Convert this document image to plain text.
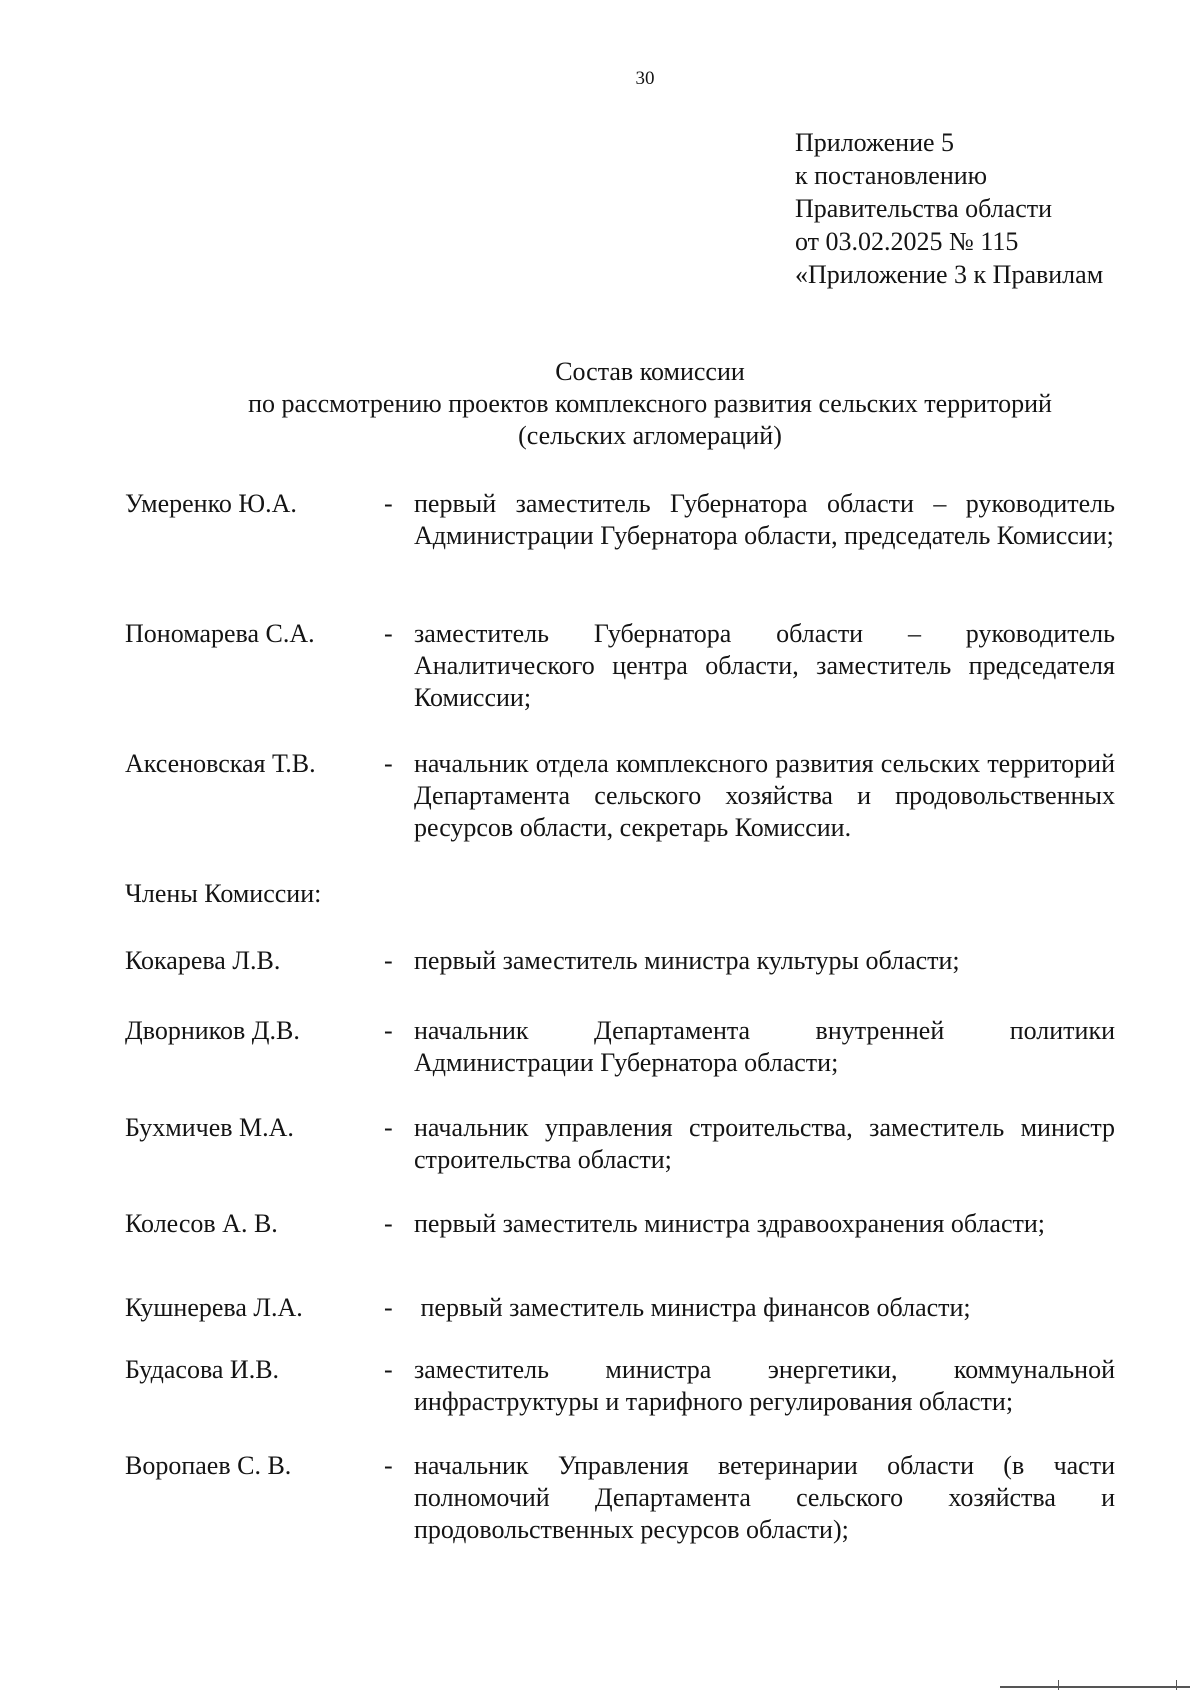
30
Приложение 5
к постановлению
Правительства области
от 03.02.2025 № 115
«Приложение 3 к Правилам
Состав комиссии
по рассмотрению проектов комплексного развития сельских территорий
(сельских агломераций)
Умеренко Ю.А.	- первый заместитель Губернатора области – руководитель Администрации Губернатора области, председатель Комиссии;
Пономарева С.А.	- заместитель Губернатора области – руководитель Аналитического центра области, заместитель председателя Комиссии;
Аксеновская Т.В.	- начальник отдела комплексного развития сельских территорий Департамента сельского хозяйства и продовольственных ресурсов области, секретарь Комиссии.
Члены Комиссии:
Кокарева Л.В.	- первый заместитель министра культуры области;
Дворников Д.В.	- начальник Департамента внутренней политики Администрации Губернатора области;
Бухмичев М.А.	- начальник управления строительства, заместитель министр строительства области;
Колесов А. В.	- первый заместитель министра здравоохранения области;
Кушнерева Л.А.	- первый заместитель министра финансов области;
Будасова И.В.	- заместитель министра энергетики, коммунальной инфраструктуры и тарифного регулирования области;
Воропаев С. В.	- начальник Управления ветеринарии области (в части полномочий Департамента сельского хозяйства и продовольственных ресурсов области);
